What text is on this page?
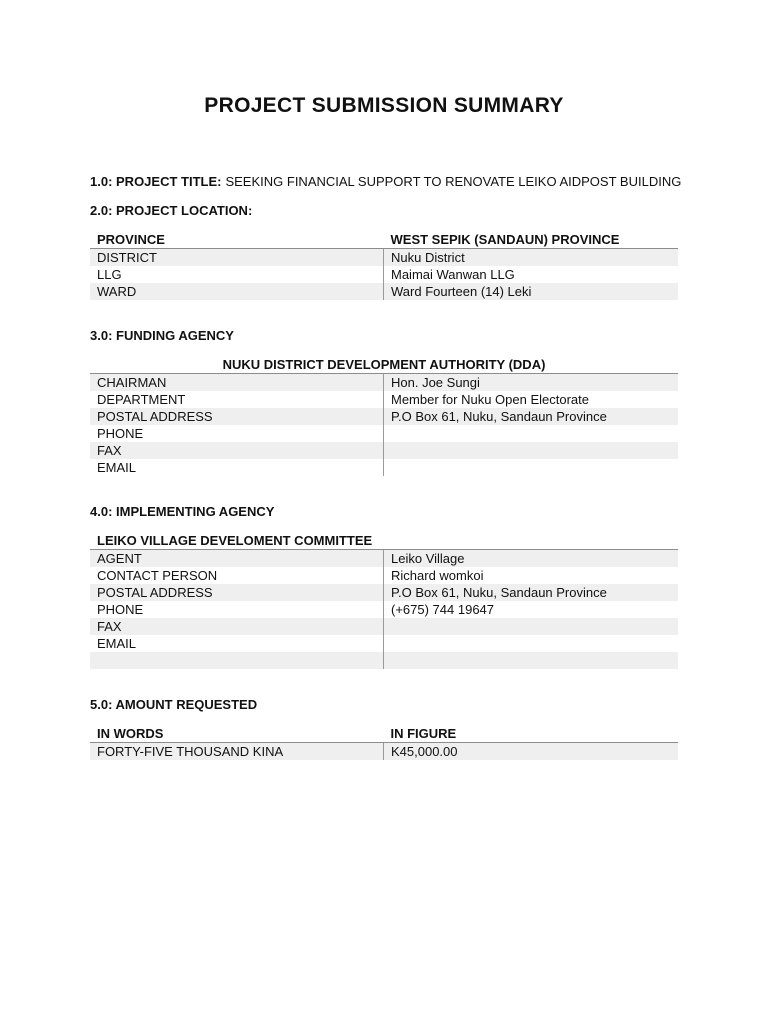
PROJECT SUBMISSION SUMMARY
1.0: PROJECT TITLE: SEEKING FINANCIAL SUPPORT TO RENOVATE LEIKO AIDPOST BUILDING
2.0: PROJECT LOCATION:
PROVINCE	WEST SEPIK (SANDAUN) PROVINCE
DISTRICT	Nuku District
LLG	Maimai Wanwan LLG
WARD	Ward Fourteen (14) Leki
3.0: FUNDING AGENCY
NUKU DISTRICT DEVELOPMENT AUTHORITY (DDA)	
CHAIRMAN	Hon. Joe Sungi
DEPARTMENT	Member for Nuku Open Electorate
POSTAL ADDRESS	P.O Box 61, Nuku, Sandaun Province
PHONE	
FAX	
EMAIL	
4.0: IMPLEMENTING AGENCY
LEIKO VILLAGE DEVELOMENT COMMITTEE	
AGENT	Leiko Village
CONTACT PERSON	Richard womkoi
POSTAL ADDRESS	P.O Box 61, Nuku, Sandaun Province
PHONE	(+675) 744 19647
FAX	
EMAIL	

5.0: AMOUNT REQUESTED
IN WORDS	IN FIGURE
FORTY-FIVE THOUSAND KINA	K45,000.00
